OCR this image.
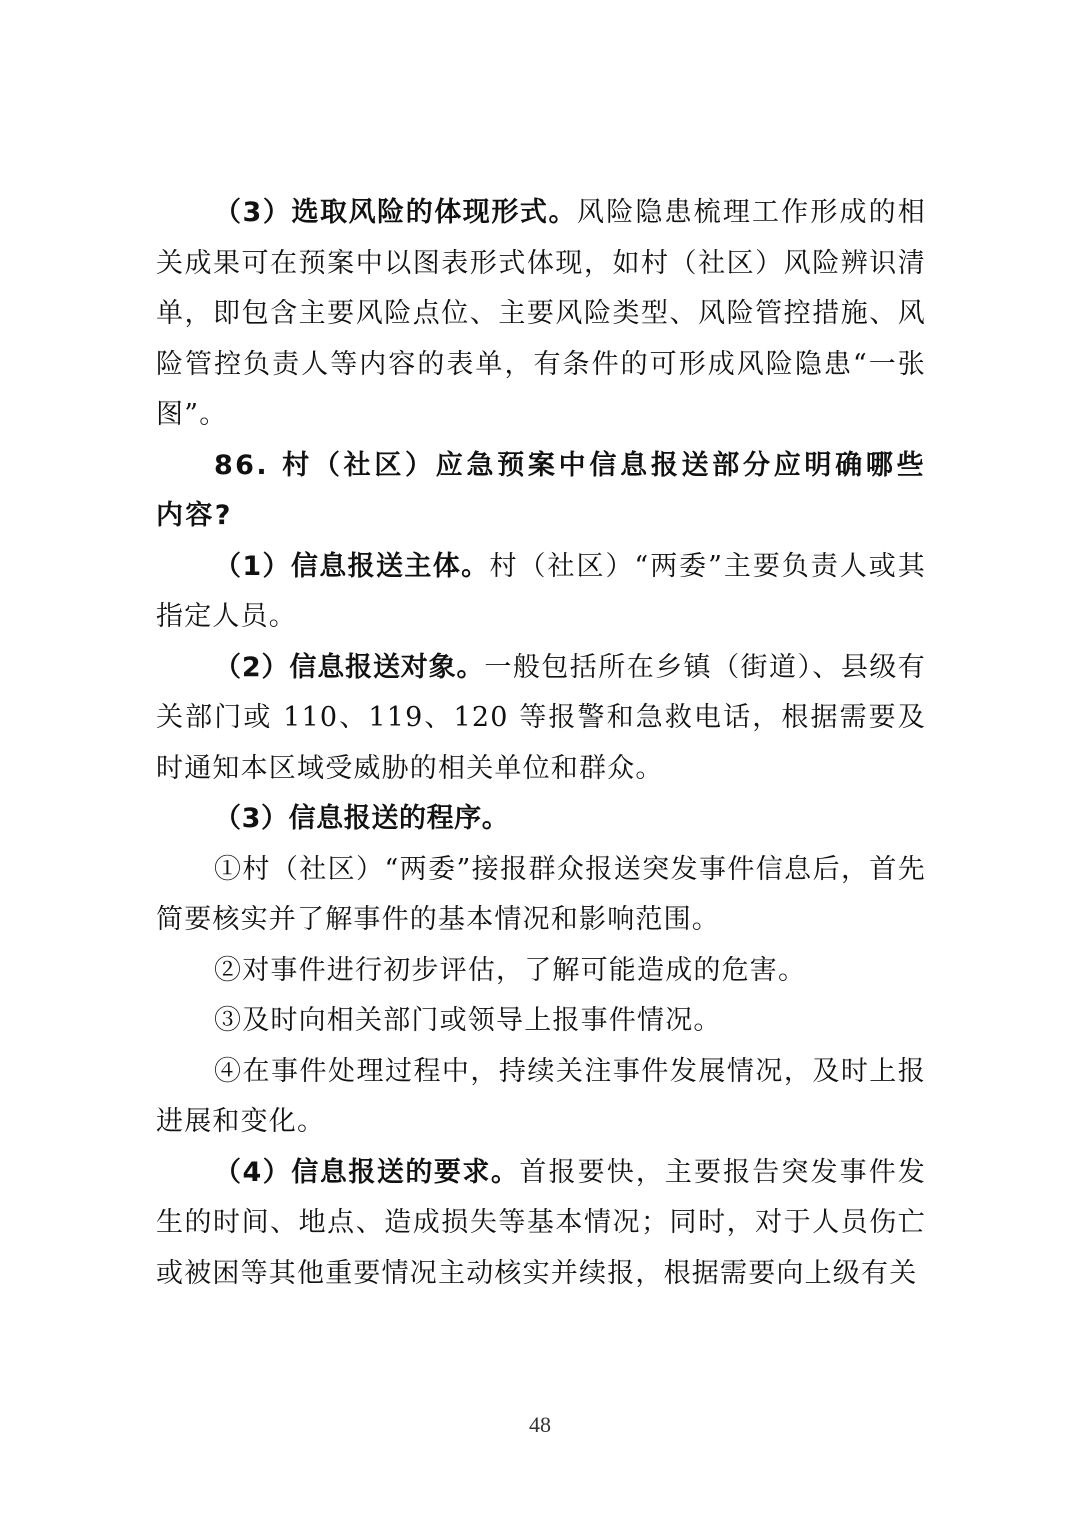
（3）选取风险的体现形式。风险隐患梳理工作形成的相关成果可在预案中以图表形式体现，如村（社区）风险辨识清单，即包含主要风险点位、主要风险类型、风险管控措施、风险管控负责人等内容的表单，有条件的可形成风险隐患“一张图”。

86. 村（社区）应急预案中信息报送部分应明确哪些内容?

（1）信息报送主体。村（社区）“两委”主要负责人或其指定人员。

（2）信息报送对象。一般包括所在乡镇（街道）、县级有关部门或 110、119、120 等报警和急救电话，根据需要及时通知本区域受威胁的相关单位和群众。

（3）信息报送的程序。

①村（社区）“两委”接报群众报送突发事件信息后，首先简要核实并了解事件的基本情况和影响范围。

②对事件进行初步评估，了解可能造成的危害。

③及时向相关部门或领导上报事件情况。

④在事件处理过程中，持续关注事件发展情况，及时上报进展和变化。

（4）信息报送的要求。首报要快，主要报告突发事件发生的时间、地点、造成损失等基本情况；同时，对于人员伤亡或被困等其他重要情况主动核实并续报，根据需要向上级有关

48
